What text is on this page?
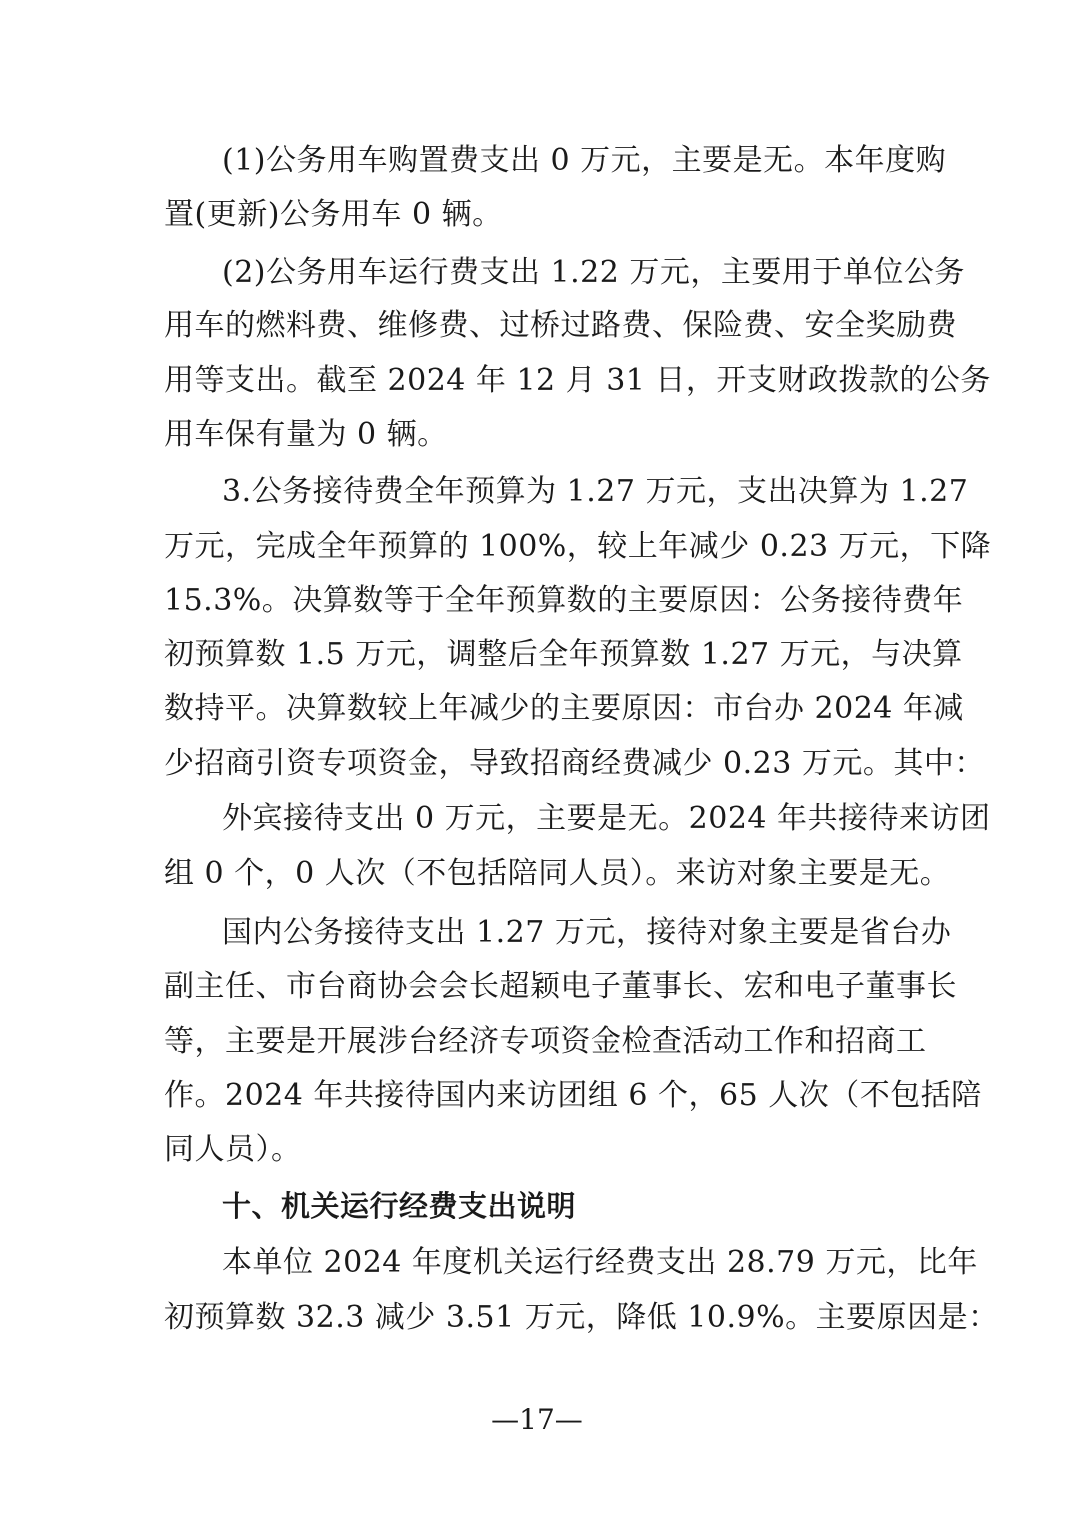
(1)公务用车购置费支出 0 万元，主要是无。本年度购
置(更新)公务用车 0 辆。
(2)公务用车运行费支出 1.22 万元，主要用于单位公务
用车的燃料费、维修费、过桥过路费、保险费、安全奖励费
用等支出。截至 2024 年 12 月 31 日，开支财政拨款的公务
用车保有量为 0 辆。
3.公务接待费全年预算为 1.27 万元，支出决算为 1.27
万元，完成全年预算的 100%，较上年减少 0.23 万元，下降
15.3%。决算数等于全年预算数的主要原因：公务接待费年
初预算数 1.5 万元，调整后全年预算数 1.27 万元，与决算
数持平。决算数较上年减少的主要原因：市台办 2024 年减
少招商引资专项资金，导致招商经费减少 0.23 万元。其中：
外宾接待支出 0 万元，主要是无。2024 年共接待来访团
组 0 个，0 人次（不包括陪同人员）。来访对象主要是无。
国内公务接待支出 1.27 万元，接待对象主要是省台办
副主任、市台商协会会长超颖电子董事长、宏和电子董事长
等，主要是开展涉台经济专项资金检查活动工作和招商工
作。2024 年共接待国内来访团组 6 个，65 人次（不包括陪
同人员）。
十、机关运行经费支出说明
本单位 2024 年度机关运行经费支出 28.79 万元，比年
初预算数 32.3 减少 3.51 万元，降低 10.9%。主要原因是：
—17—
